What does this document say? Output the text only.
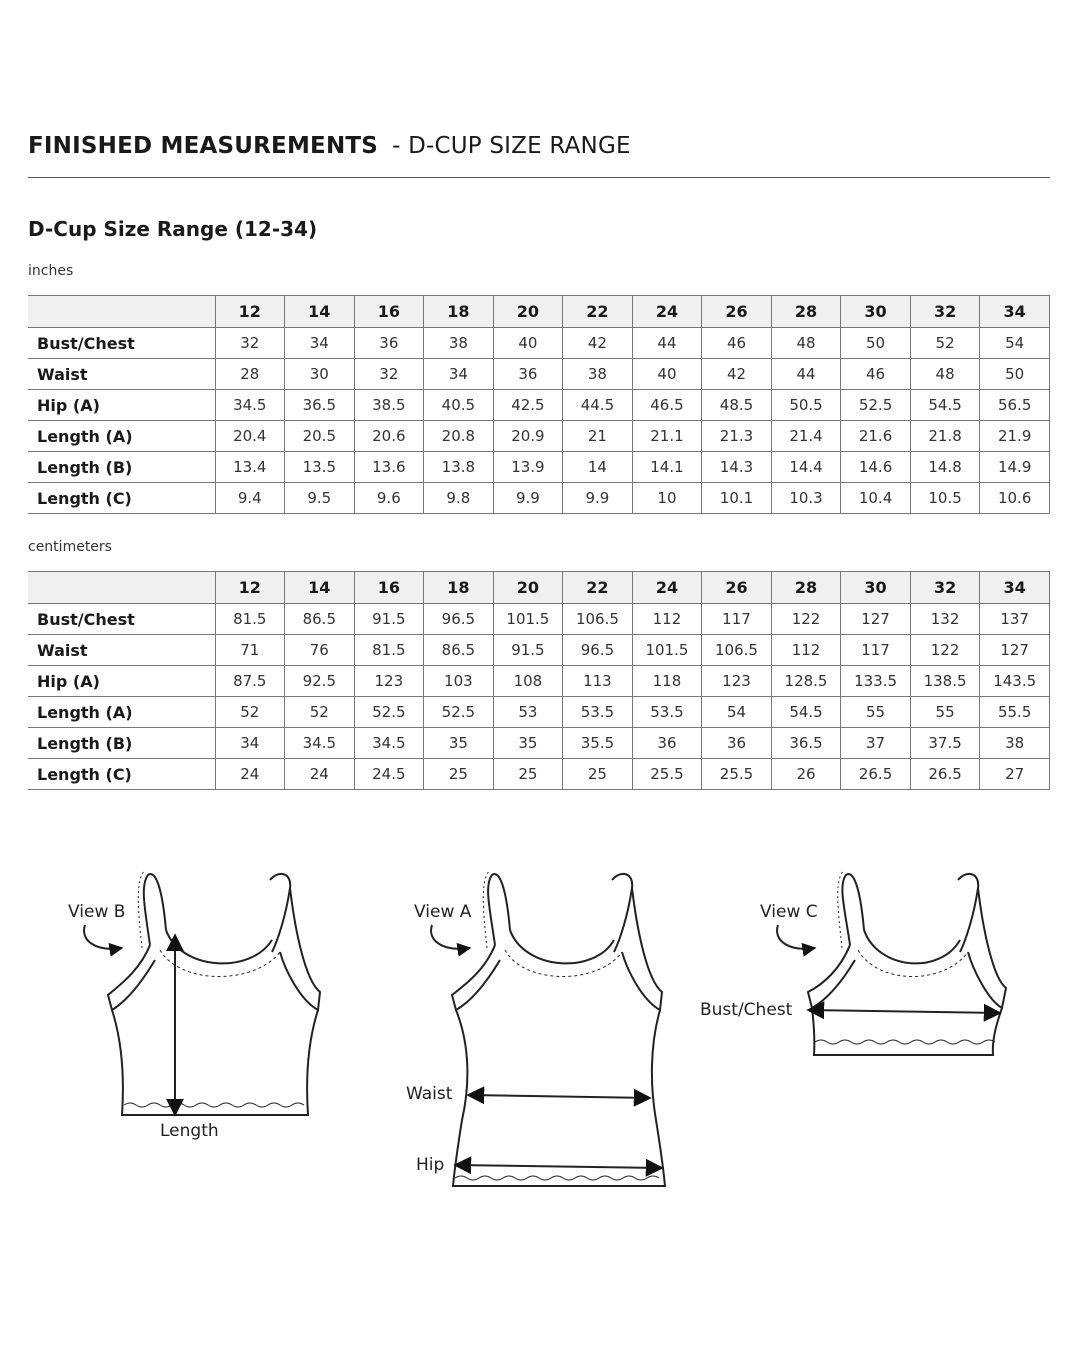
FINISHED MEASUREMENTS - D-CUP SIZE RANGE
D-Cup Size Range (12-34)
inches
	12	14	16	18	20	22	24	26	28	30	32	34
Bust/Chest	32	34	36	38	40	42	44	46	48	50	52	54
Waist	28	30	32	34	36	38	40	42	44	46	48	50
Hip (A)	34.5	36.5	38.5	40.5	42.5	44.5	46.5	48.5	50.5	52.5	54.5	56.5
Length (A)	20.4	20.5	20.6	20.8	20.9	21	21.1	21.3	21.4	21.6	21.8	21.9
Length (B)	13.4	13.5	13.6	13.8	13.9	14	14.1	14.3	14.4	14.6	14.8	14.9
Length (C)	9.4	9.5	9.6	9.8	9.9	9.9	10	10.1	10.3	10.4	10.5	10.6
centimeters
	12	14	16	18	20	22	24	26	28	30	32	34
Bust/Chest	81.5	86.5	91.5	96.5	101.5	106.5	112	117	122	127	132	137
Waist	71	76	81.5	86.5	91.5	96.5	101.5	106.5	112	117	122	127
Hip (A)	87.5	92.5	123	103	108	113	118	123	128.5	133.5	138.5	143.5
Length (A)	52	52	52.5	52.5	53	53.5	53.5	54	54.5	55	55	55.5
Length (B)	34	34.5	34.5	35	35	35.5	36	36	36.5	37	37.5	38
Length (C)	24	24	24.5	25	25	25	25.5	25.5	26	26.5	26.5	27
View B
Length
View A
Waist
Hip
View C
Bust/Chest
